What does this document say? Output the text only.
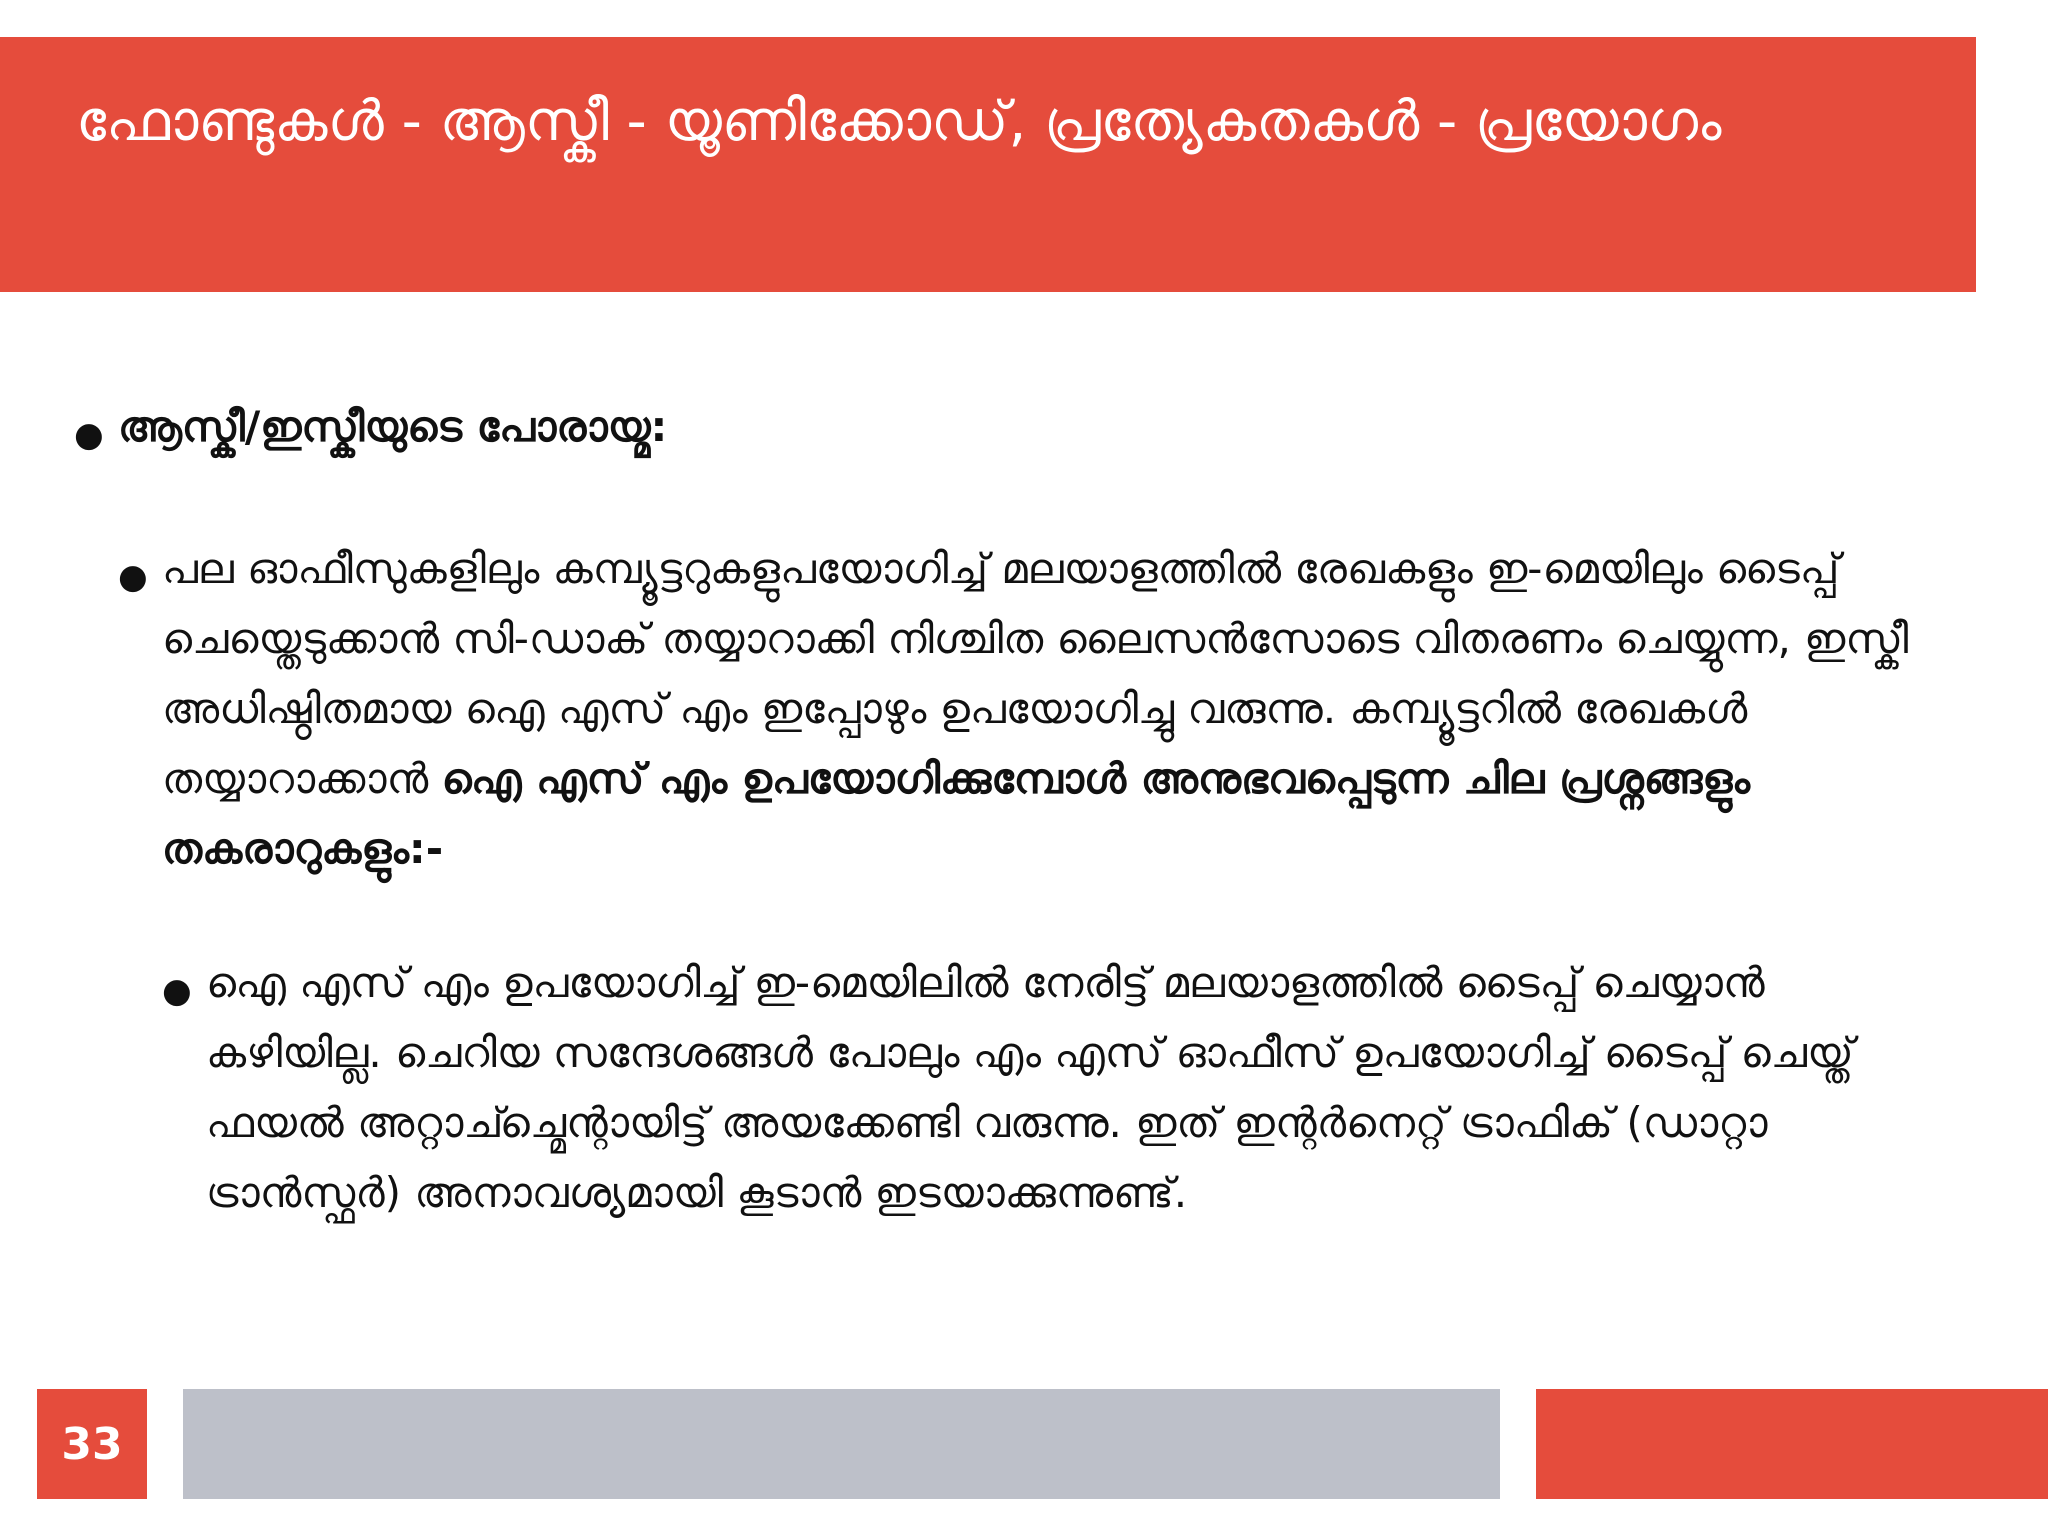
ഫോണ്ടുകൾ - ആസ്കീ - യൂണിക്കോഡ്, പ്രത്യേകതകൾ - പ്രയോഗം
● ആസ്കീ/ഇസ്കീയുടെ പോരായ്മ:
● പല ഓഫീസുകളിലും കമ്പ്യൂട്ടറുകളുപയോഗിച്ച് മലയാളത്തിൽ രേഖകളും ഇ-മെയിലും ടൈപ്പ് ചെയ്തെടുക്കാൻ സി-ഡാക് തയ്യാറാക്കി നിശ്ചിത ലൈസൻസോടെ വിതരണം ചെയ്യുന്ന, ഇസ്കീ അധിഷ്ഠിതമായ ഐ എസ് എം ഇപ്പോഴും ഉപയോഗിച്ചു വരുന്നു. കമ്പ്യൂട്ടറിൽ രേഖകൾ തയ്യാറാക്കാൻ ഐ എസ് എം ഉപയോഗിക്കുമ്പോൾ അനുഭവപ്പെടുന്ന ചില പ്രശ്നങ്ങളും തകരാറുകളും:-
● ഐ എസ് എം ഉപയോഗിച്ച് ഇ-മെയിലിൽ നേരിട്ട് മലയാളത്തിൽ ടൈപ്പ് ചെയ്യാൻ കഴിയില്ല. ചെറിയ സന്ദേശങ്ങൾ പോലും എം എസ് ഓഫീസ് ഉപയോഗിച്ച് ടൈപ്പ് ചെയ്ത് ഫയൽ അറ്റാച്ച്മെന്റായിട്ട് അയക്കേണ്ടി വരുന്നു. ഇത് ഇന്റർനെറ്റ് ട്രാഫിക് (ഡാറ്റാ ട്രാൻസ്ഫർ) അനാവശ്യമായി കൂടാൻ ഇടയാക്കുന്നുണ്ട്.
33
